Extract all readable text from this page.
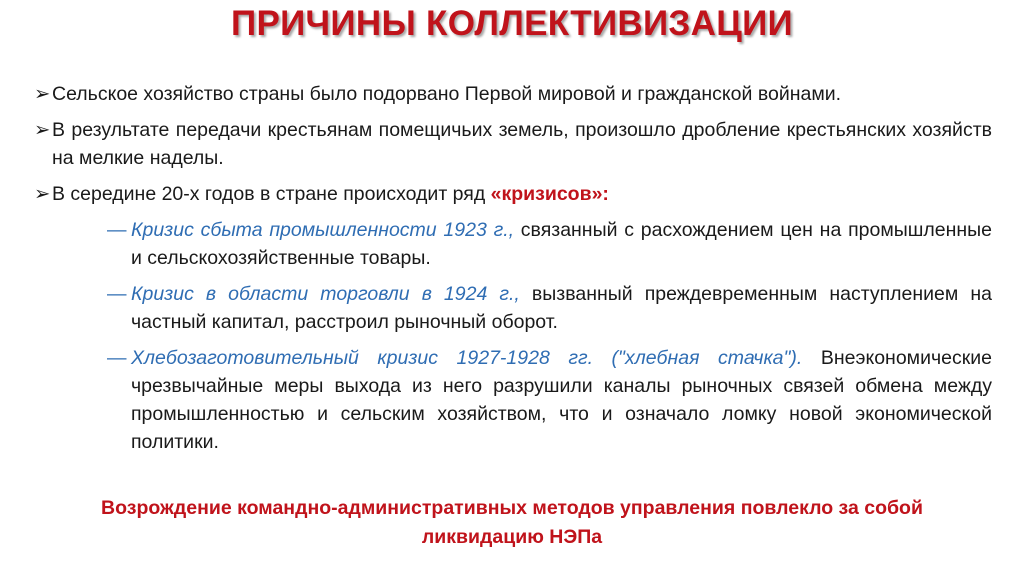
ПРИЧИНЫ КОЛЛЕКТИВИЗАЦИИ
➢ Сельское хозяйство страны было подорвано Первой мировой и гражданской войнами.
➢ В результате передачи крестьянам помещичьих земель, произошло дробление крестьянских хозяйств на мелкие наделы.
➢ В середине 20-х годов в стране происходит ряд «кризисов»:
— Кризис сбыта промышленности 1923 г., связанный с расхождением цен на промышленные и сельскохозяйственные товары.
— Кризис в области торговли в 1924 г., вызванный преждевременным наступлением на частный капитал, расстроил рыночный оборот.
— Хлебозаготовительный кризис 1927-1928 гг. ("хлебная стачка"). Внеэкономические чрезвычайные меры выхода из него разрушили каналы рыночных связей обмена между промышленностью и сельским хозяйством, что и означало ломку новой экономической политики.
Возрождение командно-административных методов управления повлекло за собой
ликвидацию НЭПа
